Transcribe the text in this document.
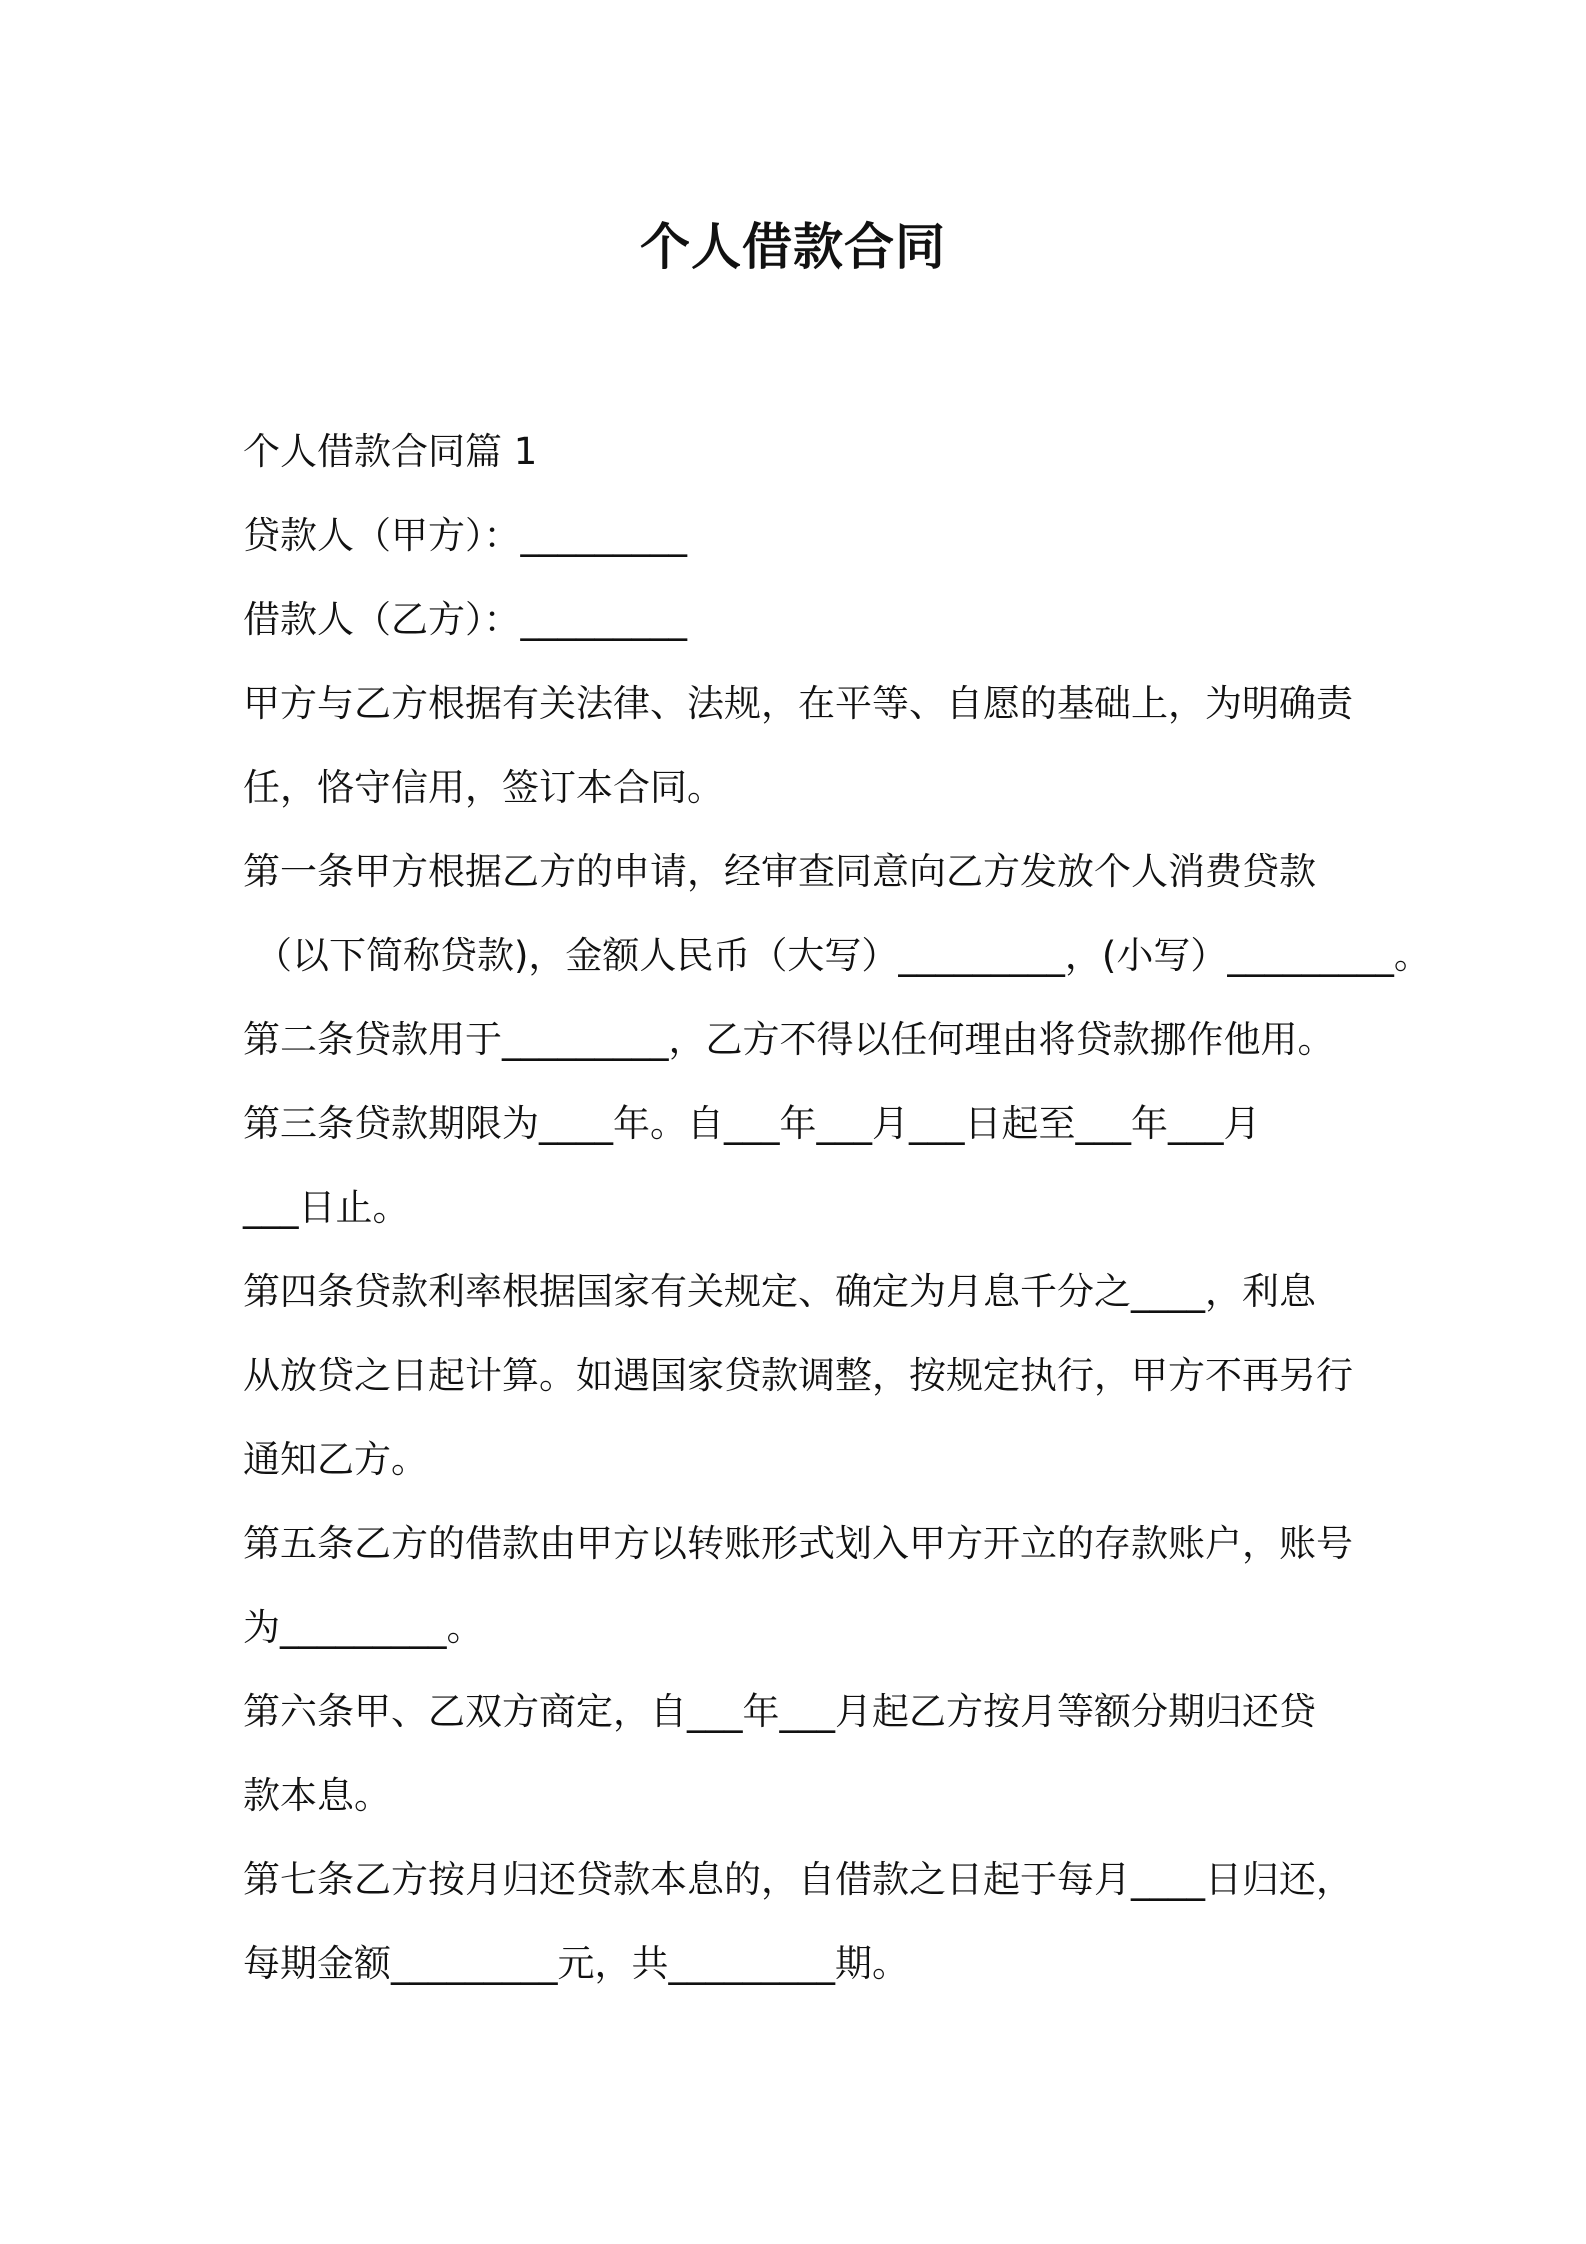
个人借款合同

个人借款合同篇 1

贷款人（甲方）：_________

借款人（乙方）：_________

甲方与乙方根据有关法律、法规，在平等、自愿的基础上，为明确责

任，恪守信用，签订本合同。

第一条甲方根据乙方的申请，经审查同意向乙方发放个人消费贷款

（以下简称贷款)，金额人民币（大写）_________，(小写）_________。

第二条贷款用于_________，乙方不得以任何理由将贷款挪作他用。

第三条贷款期限为____年。自___年___月___日起至___年___月

___日止。

第四条贷款利率根据国家有关规定、确定为月息千分之____，利息

从放贷之日起计算。如遇国家贷款调整，按规定执行，甲方不再另行

通知乙方。

第五条乙方的借款由甲方以转账形式划入甲方开立的存款账户，账号

为_________。

第六条甲、乙双方商定，自___年___月起乙方按月等额分期归还贷

款本息。

第七条乙方按月归还贷款本息的，自借款之日起于每月____日归还，

每期金额_________元，共_________期。
